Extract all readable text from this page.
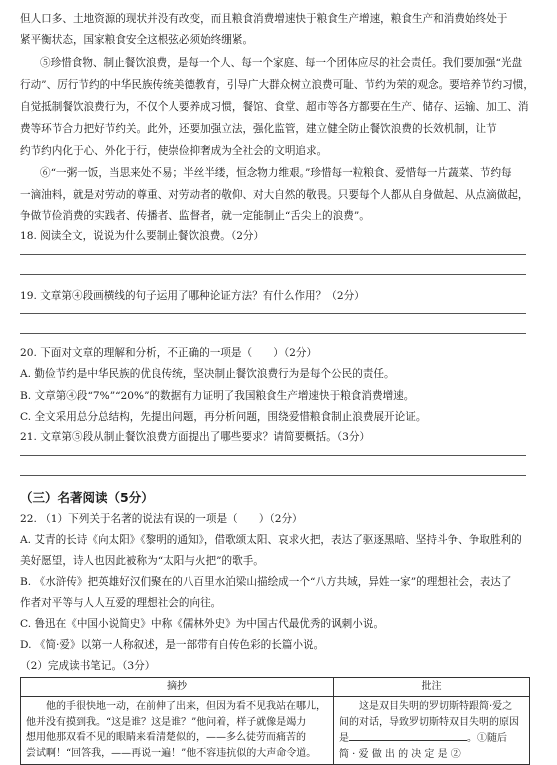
但人口多、土地资源的现状并没有改变，而且粮食消费增速快于粮食生产增速，粮食生产和消费始终处于
紧平衡状态，国家粮食安全这根弦必须始终绷紧。
⑤珍惜食物、制止餐饮浪费，是每一个人、每一个家庭、每一个团体应尽的社会责任。我们要加强“光盘
行动”、厉行节约的中华民族传统美德教育，引导广大群众树立浪费可耻、节约为荣的观念。要培养节约习惯，
自觉抵制餐饮浪费行为，不仅个人要养成习惯，餐馆、食堂、超市等各方都要在生产、储存、运输、加工、消
费等环节合力把好节约关。此外，还要加强立法，强化监管，建立健全防止餐饮浪费的长效机制，让节
约节约内化于心、外化于行，使崇俭抑奢成为全社会的文明追求。
⑥“一粥一饭，当思来处不易；半丝半缕，恒念物力维艰。”珍惜每一粒粮食、爱惜每一片蔬菜、节约每
一滴油料，就是对劳动的尊重、对劳动者的敬仰、对大自然的敬畏。只要每个人都从自身做起、从点滴做起，
争做节俭消费的实践者、传播者、监督者，就一定能制止“舌尖上的浪费”。
18. 阅读全文，说说为什么要制止餐饮浪费。（2分）
19. 文章第④段画横线的句子运用了哪种论证方法？有什么作用？（2分）
20. 下面对文章的理解和分析，不正确的一项是（　　）（2分）
A. 勤俭节约是中华民族的优良传统，坚决制止餐饮浪费行为是每个公民的责任。
B. 文章第④段“7%”“20%”的数据有力证明了我国粮食生产增速快于粮食消费增速。
C. 全文采用总分总结构，先提出问题，再分析问题，围绕爱惜粮食制止浪费展开论证。
21. 文章第⑤段从制止餐饮浪费方面提出了哪些要求？请简要概括。（3分）
（三）名著阅读（5分）
22. （1）下列关于名著的说法有误的一项是（　　）（2分）
A. 艾青的长诗《向太阳》《黎明的通知》，借歌颂太阳、哀求火把，表达了驱逐黑暗、坚持斗争、争取胜利的
美好愿望，诗人也因此被称为“太阳与火把”的歌手。
B. 《水浒传》把英雄好汉们聚在的八百里水泊梁山描绘成一个“八方共域，异姓一家”的理想社会，表达了
作者对平等与人人互爱的理想社会的向往。
C. 鲁迅在《中国小说简史》中称《儒林外史》为中国古代最优秀的讽刺小说。
D. 《简·爱》以第一人称叙述，是一部带有自传色彩的长篇小说。
（2）完成读书笔记。（3分）
摘抄	批注

他的手很快地一动，在前伸了出来，但因为看不见我站在哪儿，
他并没有摸到我。“这是谁？这是谁？”他问着，样子就像是竭力
想用他那双看不见的眼睛来看清楚似的，——多么徒劳而痛苦的
尝试啊！“回答我，——再说一遍！”他不容违抗似的大声命令道。	这是双目失明的罗切斯特跟简·爱之
间的对话，导致罗切斯特双目失明的原因
是 。①随后
简 · 爱 做 出 的 决 定 是 ②
